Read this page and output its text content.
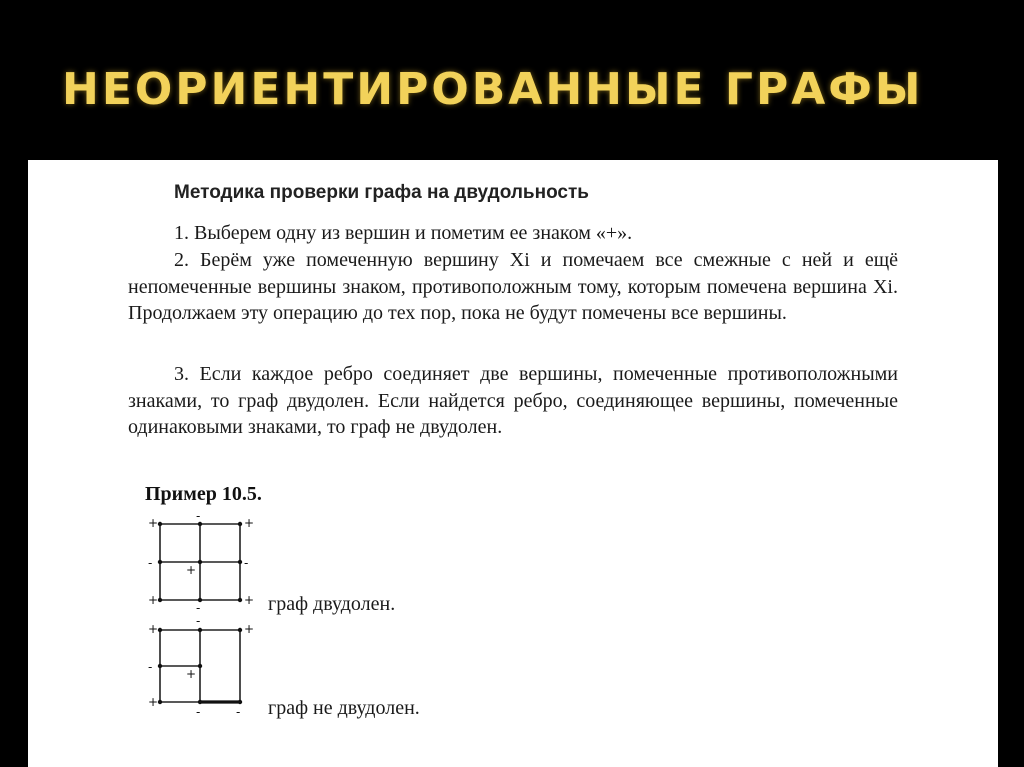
НЕОРИЕНТИРОВАННЫЕ ГРАФЫ
Методика проверки графа на двудольность

1. Выберем одну из вершин и пометим ее знаком «+».

2. Берём уже помеченную вершину Xi и помечаем все смежные с ней и ещё непомеченные вершины знаком, противоположным тому, которым помечена вершина Xi. Продолжаем эту операцию до тех пор, пока не будут помечены все вершины.

3. Если каждое ребро соединяет две вершины, помеченные противоположными знаками, то граф двудолен. Если найдется ребро, соединяющее вершины, помеченные одинаковыми знаками, то граф не двудолен.

Пример 10.5.
+	-	+
-	+	-
+
-
+ граф двудолен.

+
-
+
-	+
+
-	- граф не двудолен.
